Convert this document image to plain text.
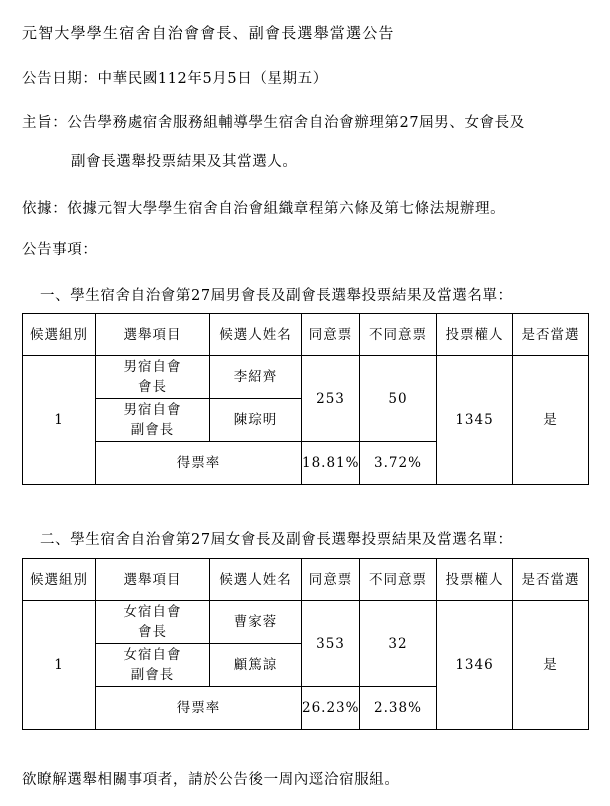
元智大學學生宿舍自治會會長、副會長選舉當選公告
公告日期：中華民國112年5月5日（星期五）
主旨：公告學務處宿舍服務組輔導學生宿舍自治會辦理第27屆男、女會長及
副會長選舉投票結果及其當選人。
依據：依據元智大學學生宿舍自治會組織章程第六條及第七條法規辦理。
公告事項：
一、學生宿舍自治會第27屆男會長及副會長選舉投票結果及當選名單：
候選組別	選舉項目	候選人姓名	同意票	不同意票	投票權人	是否當選
1	男宿自會
會長	李紹齊	253	50	1345	是

	男宿自會
副會長	陳琮明				
	得票率		18.81%	3.72%		
二、學生宿舍自治會第27屆女會長及副會長選舉投票結果及當選名單：
候選組別	選舉項目	候選人姓名	同意票	不同意票	投票權人	是否當選
1	女宿自會
會長	曹家蓉	353	32	1346	是

	女宿自會
副會長	顧篤諒				
	得票率		26.23%	2.38%		
欲瞭解選舉相關事項者，請於公告後一周內逕洽宿服組。
